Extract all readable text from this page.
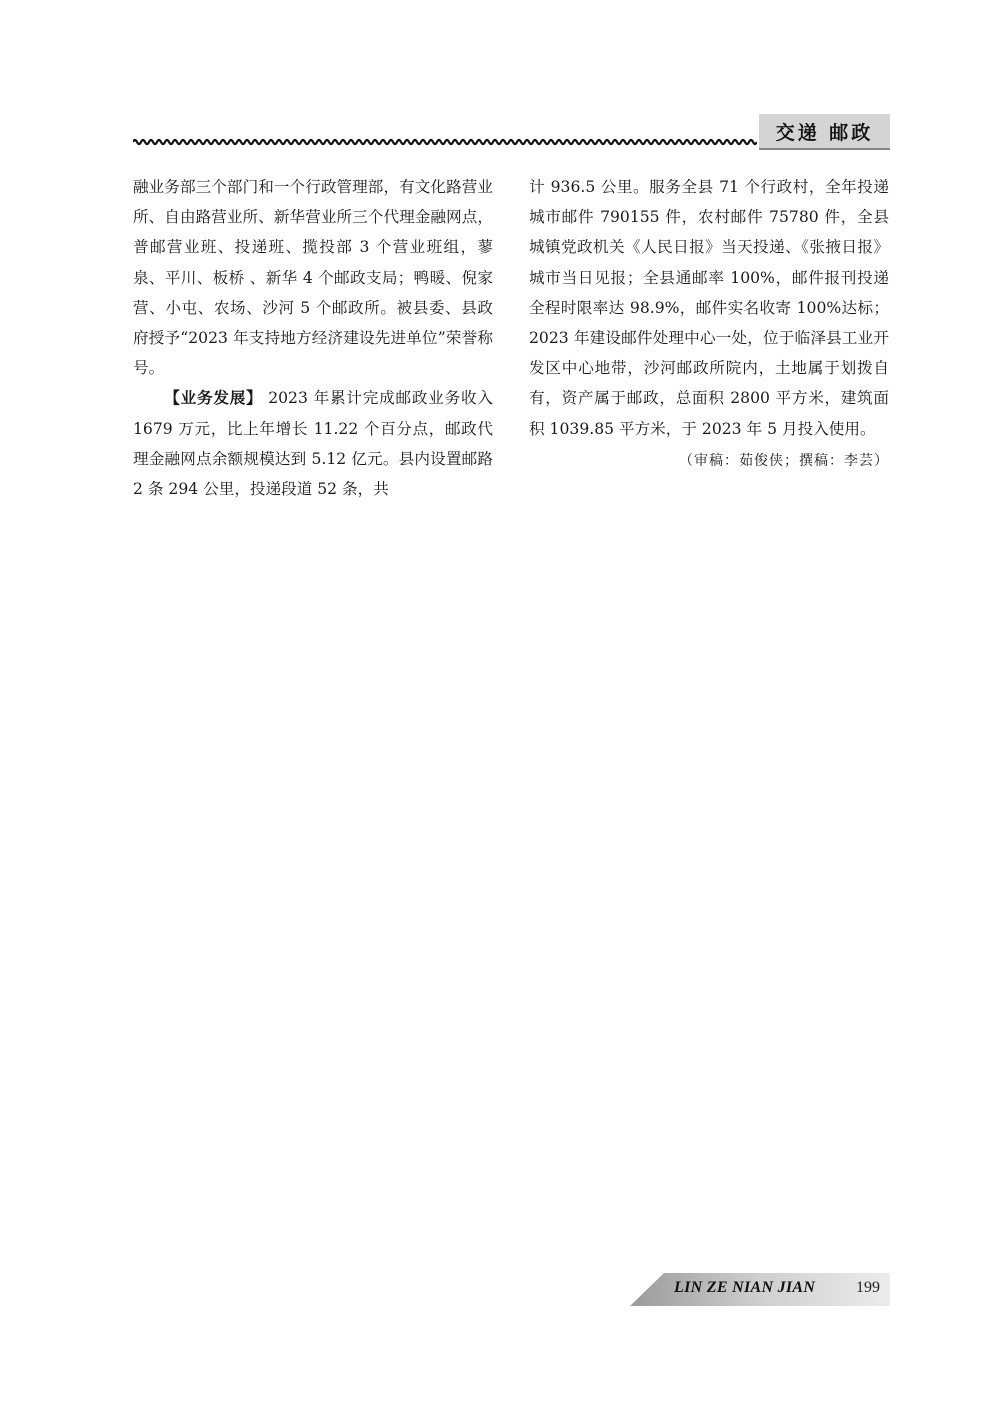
交递 邮政

融业务部三个部门和一个行政管理部，有文化路营业所、自由路营业所、新华营业所三个代理金融网点，普邮营业班、投递班、揽投部 3 个营业班组，蓼泉、平川、板桥 、新华 4 个邮政支局；鸭暖、倪家营、小屯、农场、沙河 5 个邮政所。被县委、县政府授予“2023 年支持地方经济建设先进单位”荣誉称号。

【业务发展】 2023 年累计完成邮政业务收入 1679 万元，比上年增长 11.22 个百分点，邮政代理金融网点余额规模达到 5.12 亿元。县内设置邮路 2 条 294 公里，投递段道 52 条，共

计 936.5 公里。服务全县 71 个行政村，全年投递城市邮件 790155 件，农村邮件 75780 件，全县城镇党政机关《人民日报》当天投递、《张掖日报》城市当日见报；全县通邮率 100%，邮件报刊投递全程时限率达 98.9%，邮件实名收寄 100%达标；2023 年建设邮件处理中心一处，位于临泽县工业开发区中心地带，沙河邮政所院内，土地属于划拨自有，资产属于邮政，总面积 2800 平方米，建筑面积 1039.85 平方米，于 2023 年 5 月投入使用。

（审稿：茹俊侠；撰稿：李芸）

LIN ZE NIAN JIAN	199
